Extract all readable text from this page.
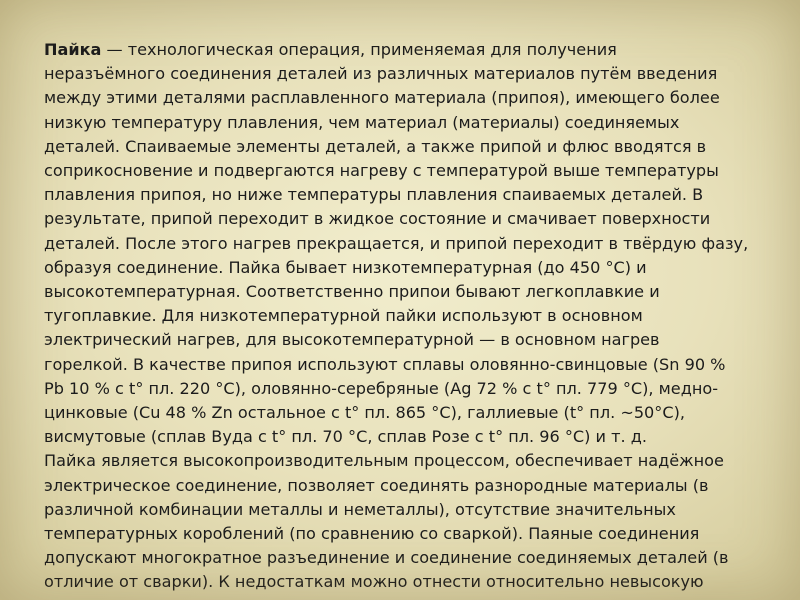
Пайка — технологическая операция, применяемая для получения
неразъёмного соединения деталей из различных материалов путём введения
между этими деталями расплавленного материала (припоя), имеющего более
низкую температуру плавления, чем материал (материалы) соединяемых
деталей. Спаиваемые элементы деталей, а также припой и флюс вводятся в
соприкосновение и подвергаются нагреву с температурой выше температуры
плавления припоя, но ниже температуры плавления спаиваемых деталей. В
результате, припой переходит в жидкое состояние и смачивает поверхности
деталей. После этого нагрев прекращается, и припой переходит в твёрдую фазу,
образуя соединение. Пайка бывает низкотемпературная (до 450 °C) и
высокотемпературная. Соответственно припои бывают легкоплавкие и
тугоплавкие. Для низкотемпературной пайки используют в основном
электрический нагрев, для высокотемпературной — в основном нагрев
горелкой. В качестве припоя используют сплавы оловянно-свинцовые (Sn 90 %
Pb 10 % с t° пл. 220 °C), оловянно-серебряные (Ag 72 % с t° пл. 779 °C), медно-
цинковые (Cu 48 % Zn остальное с t° пл. 865 °C), галлиевые (t° пл. ~50°C),
висмутовые (сплав Вуда с t° пл. 70 °C, сплав Розе с t° пл. 96 °C) и т. д.
Пайка является высокопроизводительным процессом, обеспечивает надёжное
электрическое соединение, позволяет соединять разнородные материалы (в
различной комбинации металлы и неметаллы), отсутствие значительных
температурных короблений (по сравнению со сваркой). Паяные соединения
допускают многократное разъединение и соединение соединяемых деталей (в
отличие от сварки). К недостаткам можно отнести относительно невысокую
